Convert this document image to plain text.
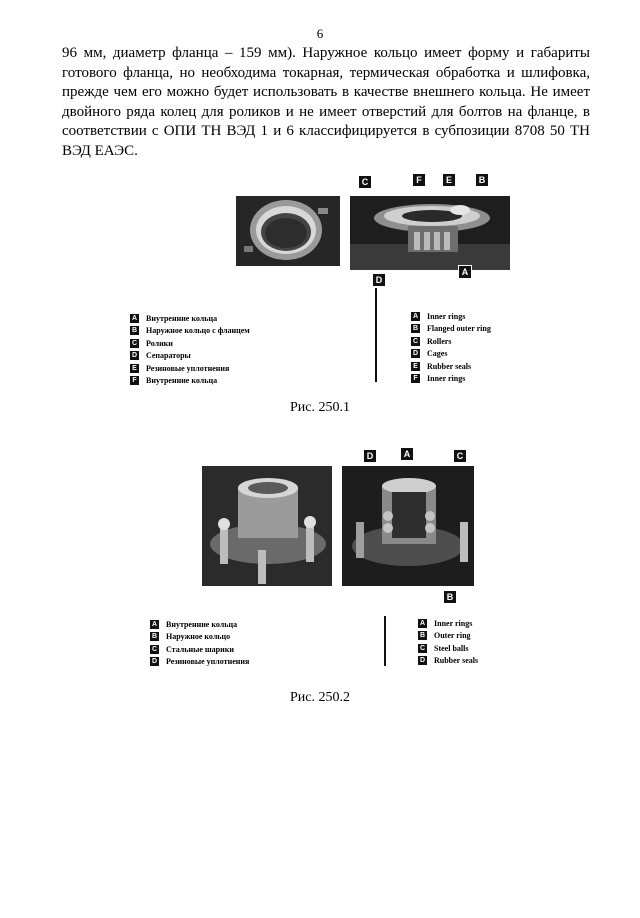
6

96 мм, диаметр фланца – 159 мм). Наружное кольцо имеет форму и габариты готового фланца, но необходима токарная, термическая обработка и шлифовка, прежде чем его можно будет использовать в качестве внешнего кольца. Не имеет двойного ряда колец для роликов и не имеет отверстий для болтов на фланце, в соответствии с ОПИ ТН ВЭД 1 и 6 классифицируется в субпозиции 8708 50 ТН ВЭД ЕАЭС.

C	F	E	B
D
A
A Внутренние кольца
B Наружное кольцо с фланцем
C Ролики
D Сепараторы
E Резиновые уплотнения
F Внутренние кольца
A Inner rings
B Flanged outer ring
C Rollers
D Cages
E Rubber seals
F Inner rings
Рис. 250.1
D	A	C
B
A Внутренние кольца
B Наружное кольцо
C Стальные шарики
D Резиновые уплотнения
A Inner rings
B Outer ring
C Steel balls
D Rubber seals
Рис. 250.2
